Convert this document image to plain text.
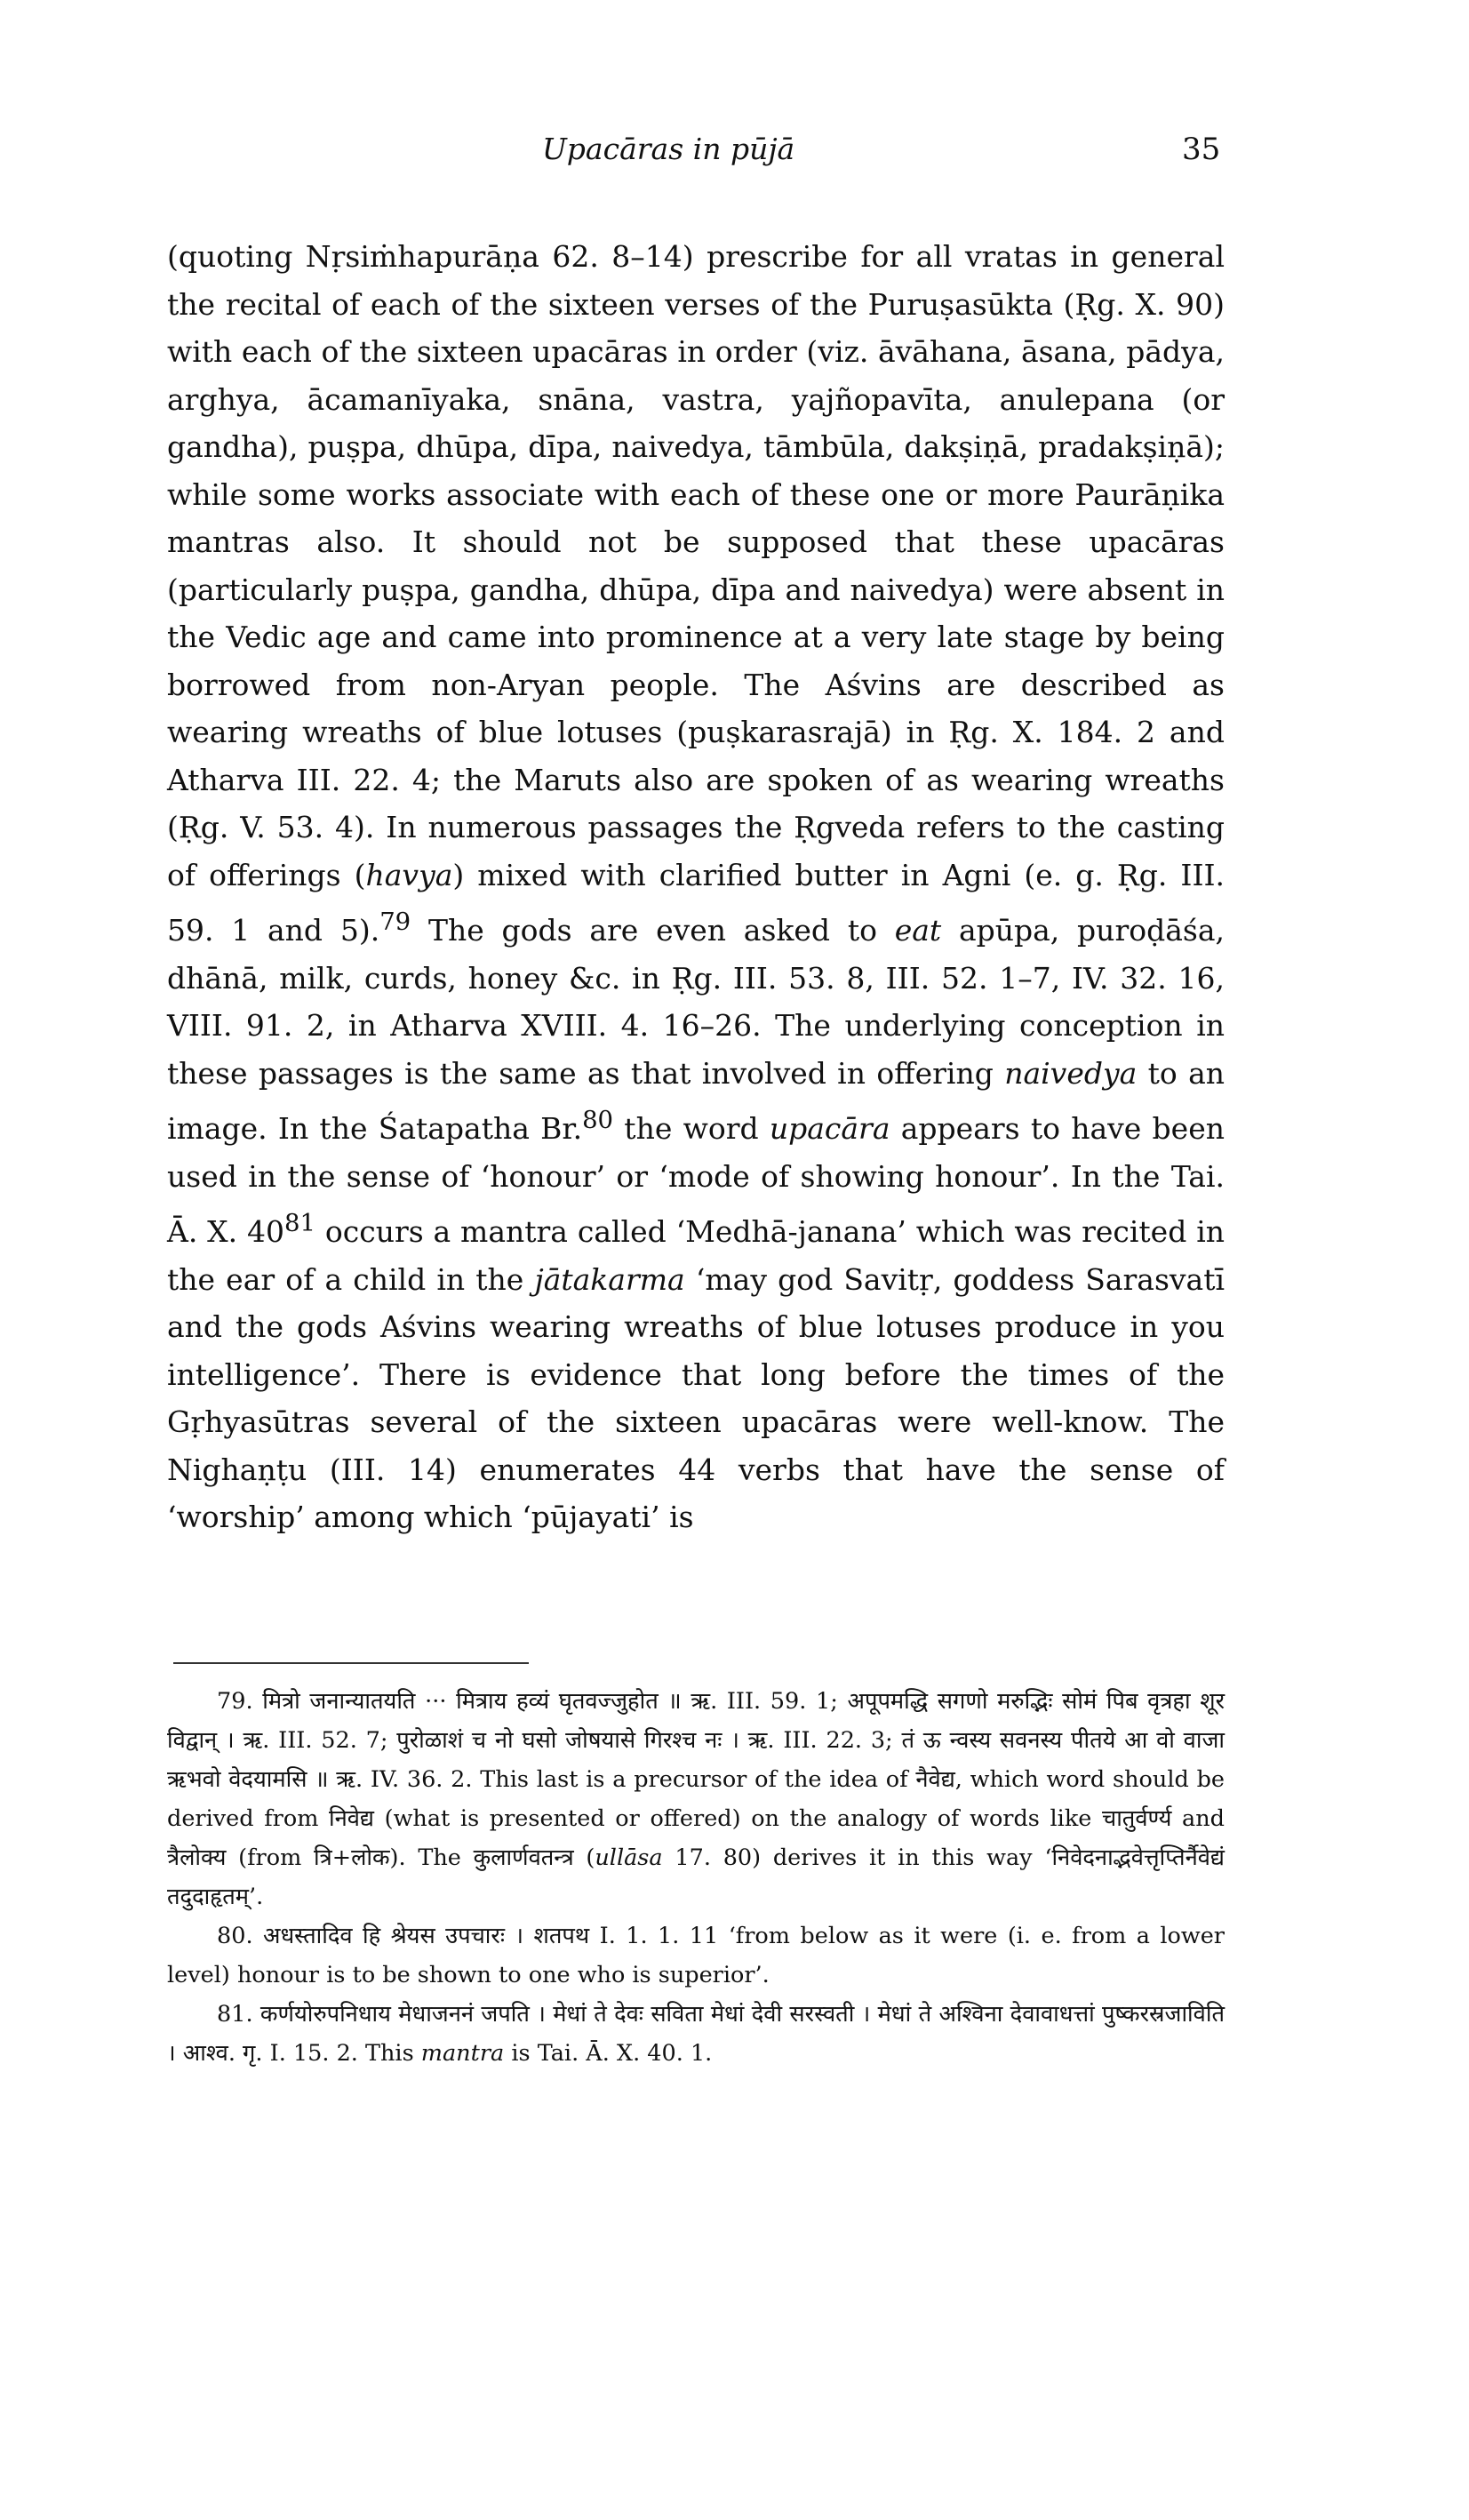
Upacāras in pūjā	35
(quoting Nṛsiṁhapurāṇa 62. 8–14) prescribe for all vratas in general the recital of each of the sixteen verses of the Puruṣasūkta (Ṛg. X. 90) with each of the sixteen upacāras in order (viz. āvāhana, āsana, pādya, arghya, ācamanīyaka, snāna, vastra, yajñopavīta, anulepana (or gandha), puṣpa, dhūpa, dīpa, naivedya, tāmbūla, dakṣiṇā, pradakṣiṇā); while some works associate with each of these one or more Paurāṇika mantras also. It should not be supposed that these upacāras (particularly puṣpa, gandha, dhūpa, dīpa and naivedya) were absent in the Vedic age and came into prominence at a very late stage by being borrowed from non-Aryan people. The Aśvins are described as wearing wreaths of blue lotuses (puṣkarasrajā) in Ṛg. X. 184. 2 and Atharva III. 22. 4; the Maruts also are spoken of as wearing wreaths (Ṛg. V. 53. 4). In numerous passages the Ṛgveda refers to the casting of offerings (havya) mixed with clarified butter in Agni (e. g. Ṛg. III. 59. 1 and 5).$^{79}$ The gods are even asked to eat apūpa, puroḍāśa, dhānā, milk, curds, honey &c. in Ṛg. III. 53. 8, III. 52. 1–7, IV. 32. 16, VIII. 91. 2, in Atharva XVIII. 4. 16–26. The underlying conception in these passages is the same as that involved in offering naivedya to an image. In the Śatapatha Br.$^{80}$ the word upacāra appears to have been used in the sense of ‘honour’ or ‘mode of showing honour’. In the Tai. Ā. X. $40^{81}$ occurs a mantra called ‘Medhā-janana’ which was recited in the ear of a child in the jātakarma ‘may god Savitṛ, goddess Sarasvatī and the gods Aśvins wearing wreaths of blue lotuses produce in you intelligence’. There is evidence that long before the times of the Gṛhyasūtras several of the sixteen upacāras were well-know. The Nighaṇṭu (III. 14) enumerates 44 verbs that have the sense of ‘worship’ among which ‘pūjayati’ is

79. मित्रो जनान्यातयति ··· मित्राय हव्यं घृतवज्जुहोत ॥ ऋ. III. 59. 1; अपूपमद्धि सगणो मरुद्भिः सोमं पिब वृत्रहा शूर विद्वान् । ऋ. III. 52. 7; पुरोळाशं च नो घसो जोषयासे गिरश्च नः । ऋ. III. 22. 3; तं ऊ न्वस्य सवनस्य पीतये आ वो वाजा ऋभवो वेदयामसि ॥ ऋ. IV. 36. 2. This last is a precursor of the idea of नैवेद्य, which word should be derived from निवेद्य (what is presented or offered) on the analogy of words like चातुर्वर्ण्य and त्रैलोक्य (from त्रि+लोक). The कुलार्णवतन्त्र (ullāsa 17. 80) derives it in this way ‘निवेदनाद्भवेत्तृप्तिर्नैवेद्यं तदुदाहृतम्’.

80. अधस्तादिव हि श्रेयस उपचारः । शतपथ I. 1. 1. 11 ‘from below as it were (i. e. from a lower level) honour is to be shown to one who is superior’.

81. कर्णयोरुपनिधाय मेधाजननं जपति । मेधां ते देवः सविता मेधां देवी सरस्वती । मेधां ते अश्विना देवावाधत्तां पुष्करस्रजाविति । आश्व. गृ. I. 15. 2. This mantra is Tai. Ā. X. 40. 1.
